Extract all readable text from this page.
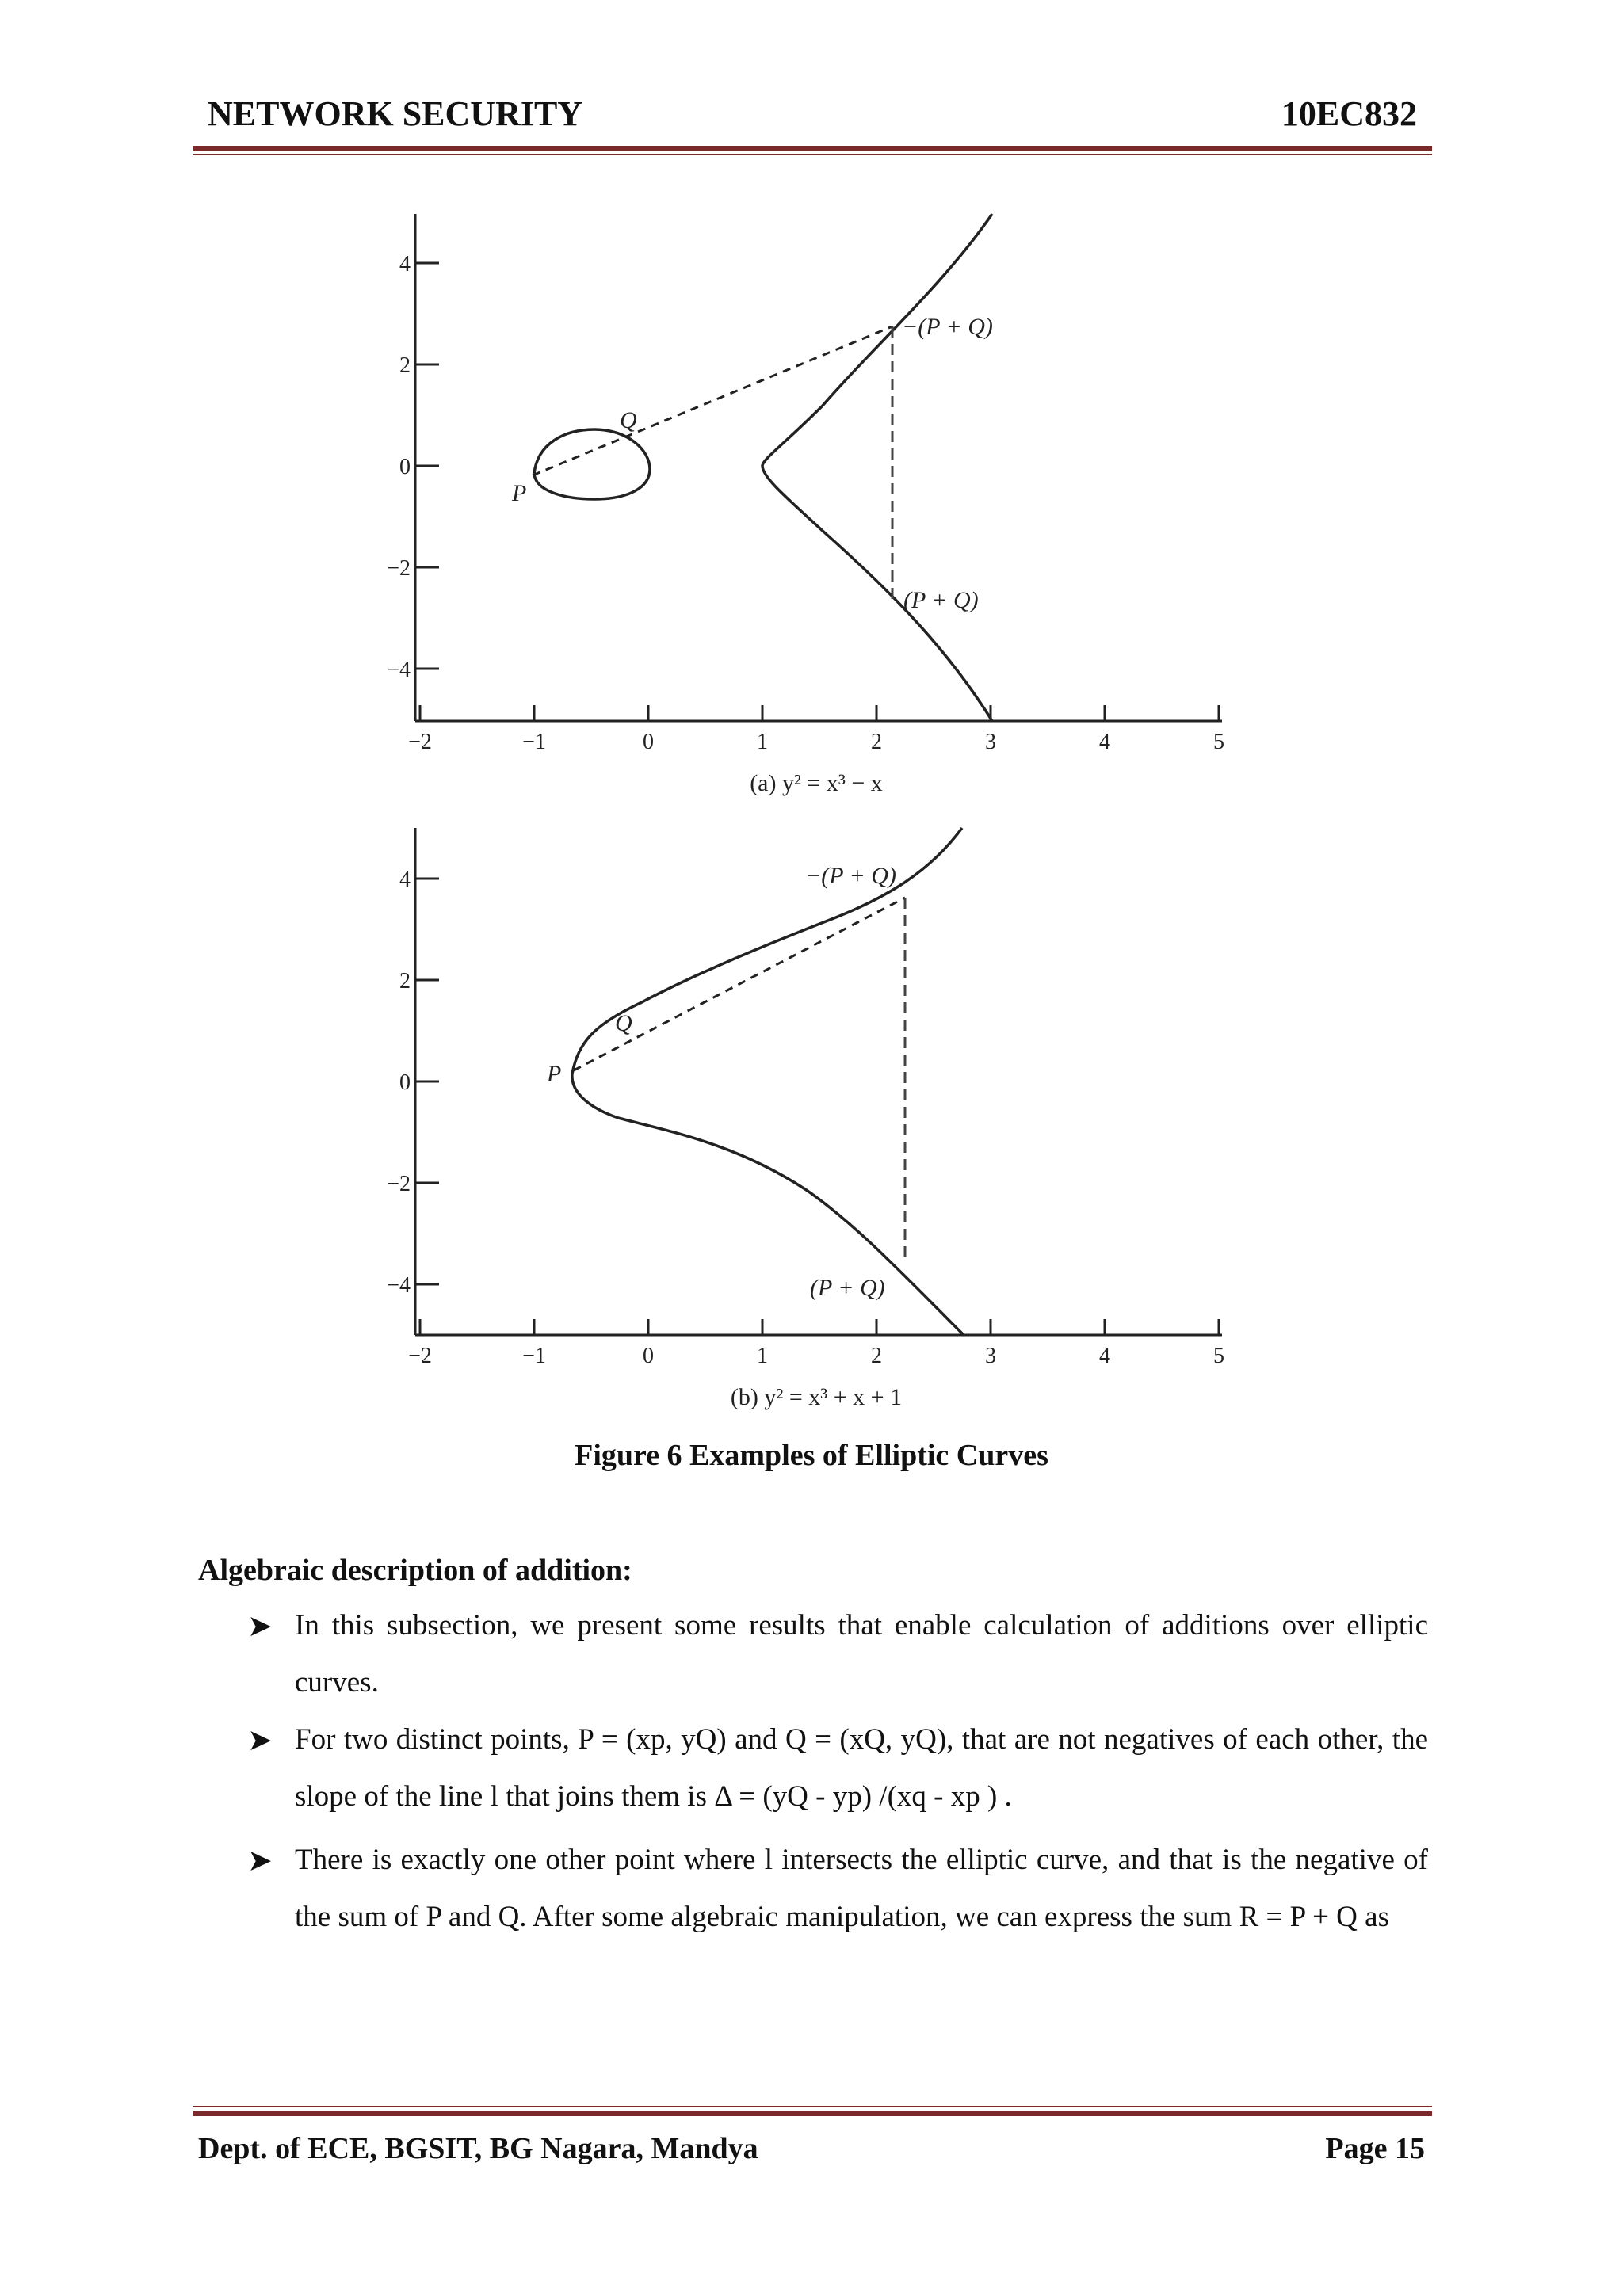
NETWORK SECURITY	10EC832
4
2
0
−2
−4
−2	−1	0	1	2	3	4	5
P
Q
−(P + Q)
(P + Q)
(a) y² = x³ − x
4
2
0
−2
−4
−2	−1	0	1	2	3	4	5
P
Q
−(P + Q)
(P + Q)
(b) y² = x³ + x + 1
Figure 6 Examples of Elliptic Curves
Algebraic description of addition:
➤ In this subsection, we present some results that enable calculation of additions over elliptic curves.
➤ For two distinct points, P = (xp, yQ) and Q = (xQ, yQ), that are not negatives of each other, the slope of the line l that joins them is Δ = (yQ - yp) /(xq - xp ) .
➤ There is exactly one other point where l intersects the elliptic curve, and that is the negative of the sum of P and Q. After some algebraic manipulation, we can express the sum R = P + Q as
Dept. of ECE, BGSIT, BG Nagara, Mandya	Page 15
